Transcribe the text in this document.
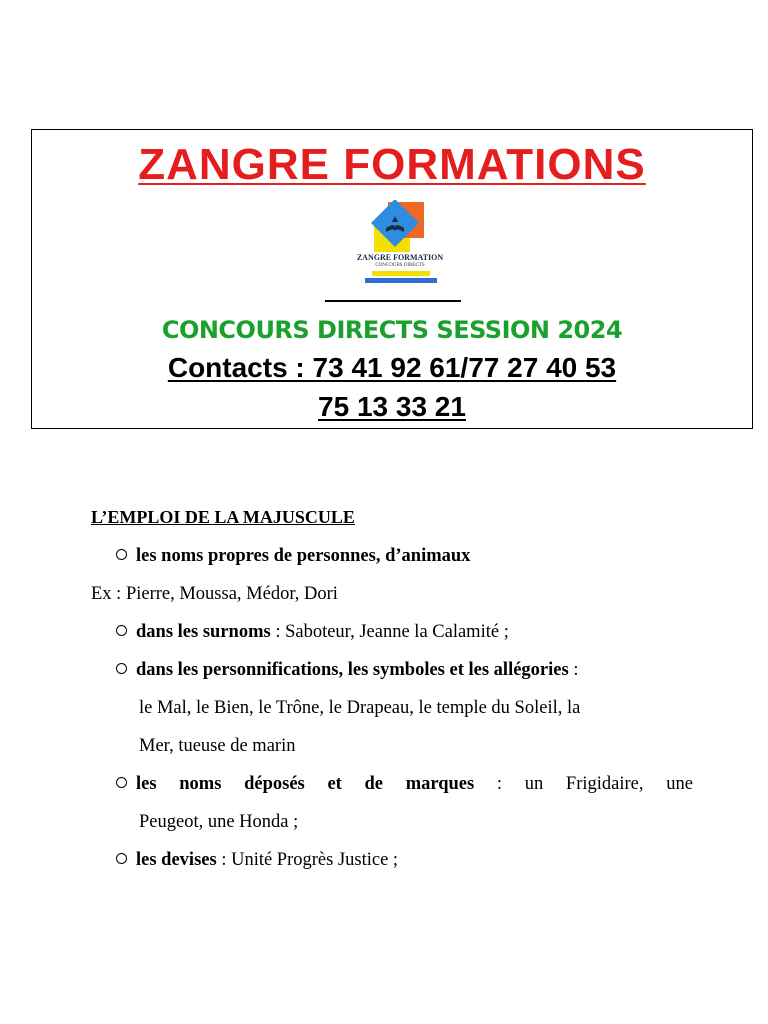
ZANGRE FORMATIONS
ZANGRE FORMATION
CONCOURS DIRECTS
CONCOURS DIRECTS SESSION 2024
Contacts : 73 41 92 61/77 27 40 53
75 13 33 21
L’EMPLOI DE LA MAJUSCULE
les noms propres de personnes, d’animaux
Ex : Pierre, Moussa, Médor, Dori
dans les surnoms : Saboteur, Jeanne la Calamité ;
dans les personnifications, les symboles et les allégories :
le Mal, le Bien, le Trône, le Drapeau, le temple du Soleil, la
Mer, tueuse de marin
les noms déposés et de marques : un Frigidaire, une
Peugeot, une Honda ;
les devises : Unité Progrès Justice ;
